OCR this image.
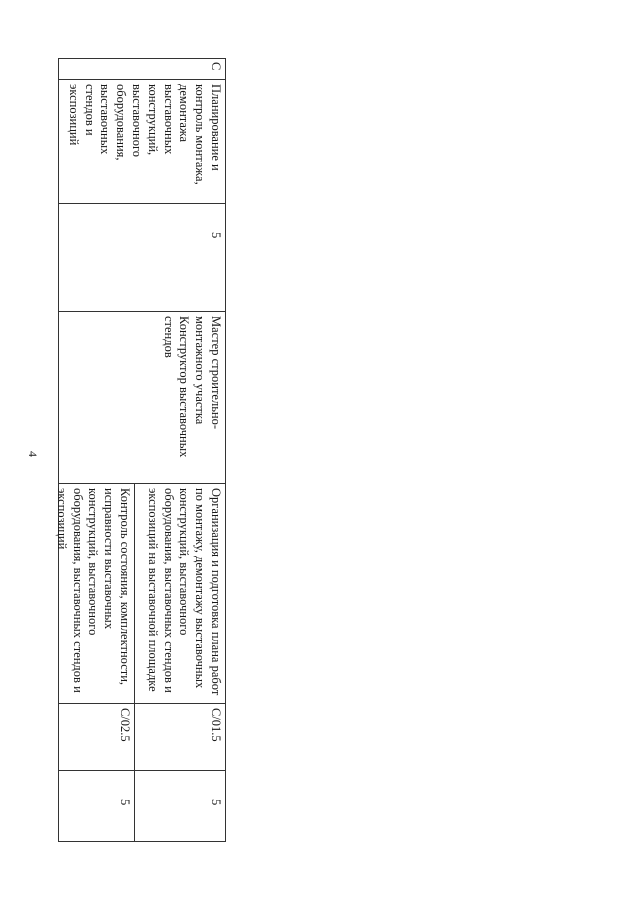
4
C
Планирование и контроль монтажа, демонтажа выставочных конструкций, выставочного оборудования, выставочных стендов и экспозиций
5
Мастер строительно-монтажного участка Конструктор выставочных стендов
Организация и подготовка плана работ по монтажу, демонтажу выставочных конструкций, выставочного оборудования, выставочных стендов и экспозиций на выставочной площадке
C/01.5
5
Контроль состояния, комплектности, исправности выставочных конструкций, выставочного оборудования, выставочных стендов и экспозиций
C/02.5
5
